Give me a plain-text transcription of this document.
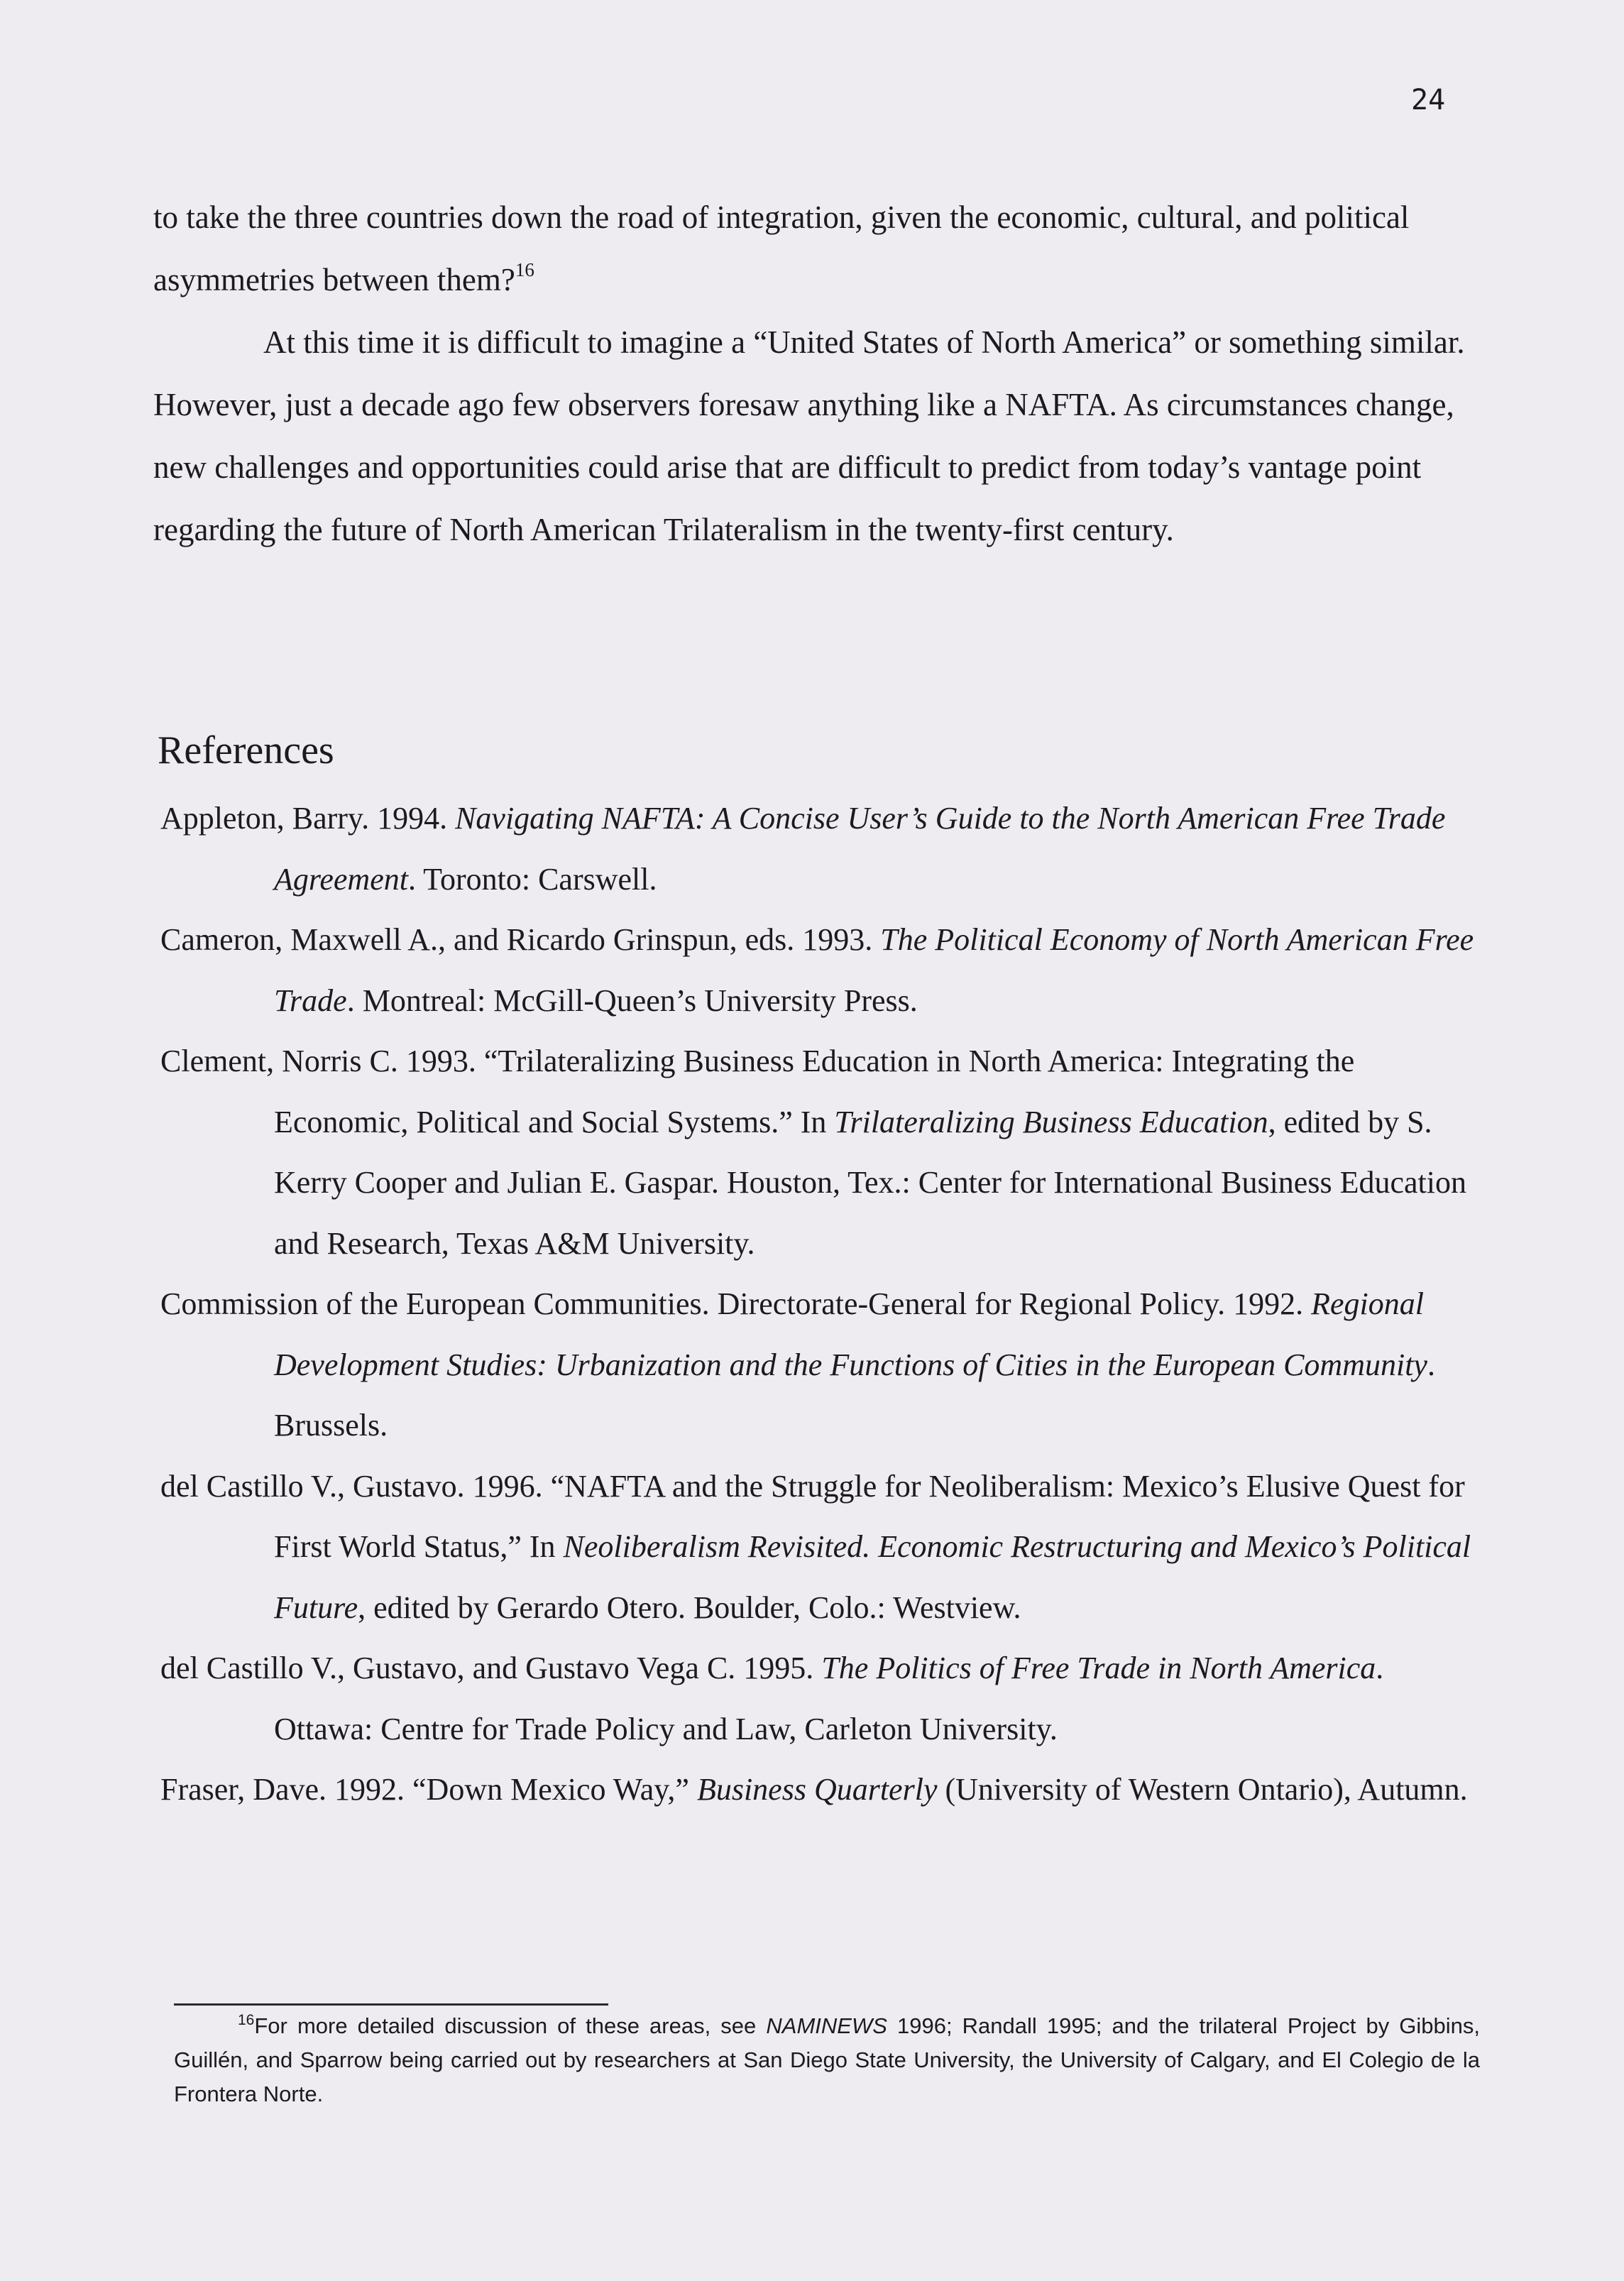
24

to take the three countries down the road of integration, given the economic, cultural, and political asymmetries between them?$^{16}$

At this time it is difficult to imagine a “United States of North America” or something similar. However, just a decade ago few observers foresaw anything like a NAFTA. As circumstances change, new challenges and opportunities could arise that are difficult to predict from today’s vantage point regarding the future of North American Trilateralism in the twenty-first century.

References
Appleton, Barry. 1994. Navigating NAFTA: A Concise User’s Guide to the North American Free Trade Agreement. Toronto: Carswell.
Cameron, Maxwell A., and Ricardo Grinspun, eds. 1993. The Political Economy of North American Free Trade. Montreal: McGill-Queen’s University Press.
Clement, Norris C. 1993. “Trilateralizing Business Education in North America: Integrating the Economic, Political and Social Systems.” In Trilateralizing Business Education, edited by S. Kerry Cooper and Julian E. Gaspar. Houston, Tex.: Center for International Business Education and Research, Texas A&M University.
Commission of the European Communities. Directorate-General for Regional Policy. 1992. Regional Development Studies: Urbanization and the Functions of Cities in the European Community. Brussels.
del Castillo V., Gustavo. 1996. “NAFTA and the Struggle for Neoliberalism: Mexico’s Elusive Quest for First World Status,” In Neoliberalism Revisited. Economic Restructuring and Mexico’s Political Future, edited by Gerardo Otero. Boulder, Colo.: Westview.
del Castillo V., Gustavo, and Gustavo Vega C. 1995. The Politics of Free Trade in North America. Ottawa: Centre for Trade Policy and Law, Carleton University.
Fraser, Dave. 1992. “Down Mexico Way,” Business Quarterly (University of Western Ontario), Autumn.
$^{16}$For more detailed discussion of these areas, see NAMINEWS 1996; Randall 1995; and the trilateral Project by Gibbins, Guillén, and Sparrow being carried out by researchers at San Diego State University, the University of Calgary, and El Colegio de la Frontera Norte.
